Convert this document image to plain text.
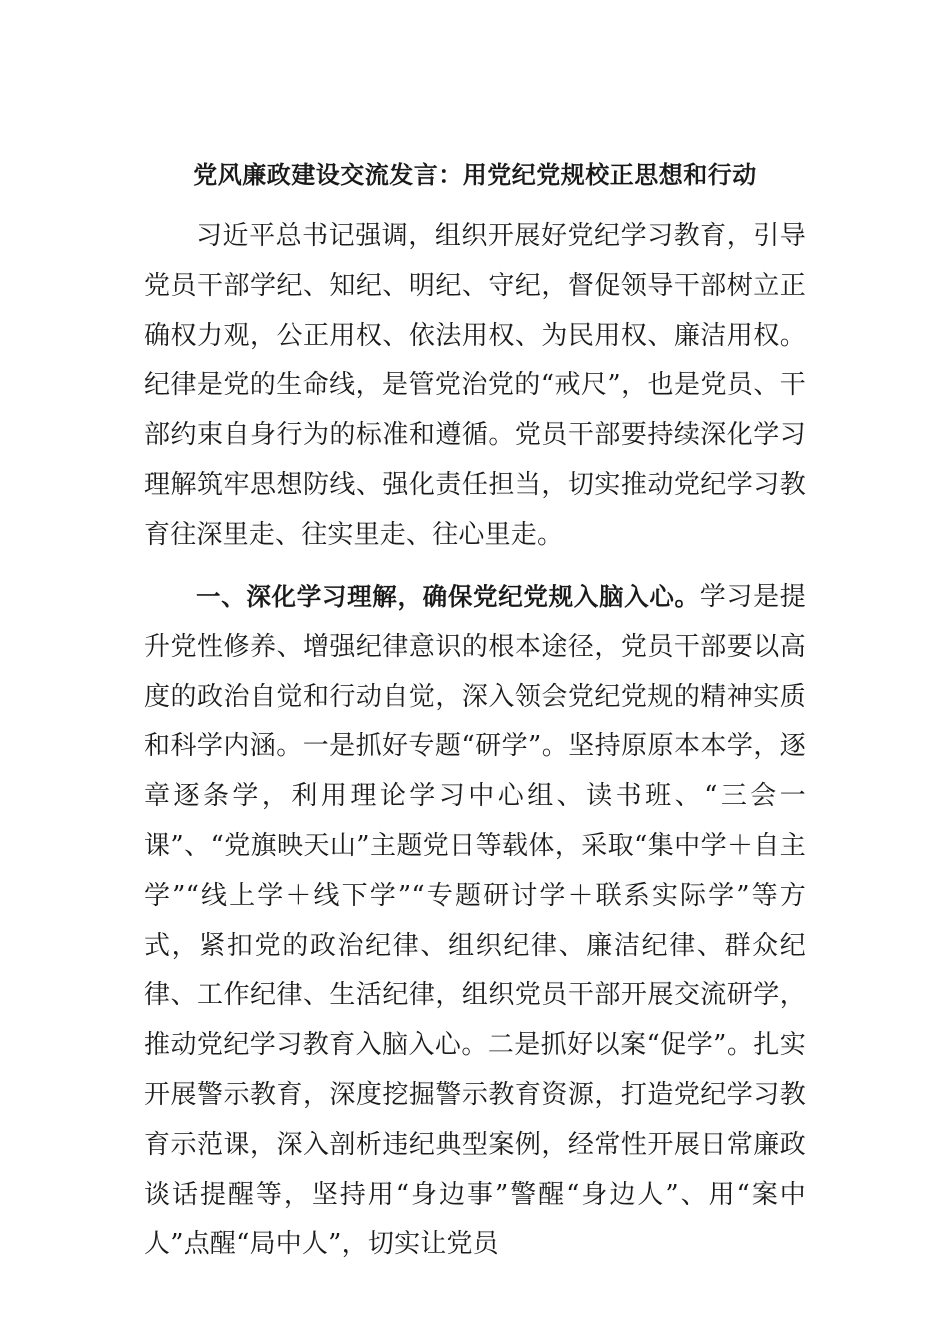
党风廉政建设交流发言：用党纪党规校正思想和行动

习近平总书记强调，组织开展好党纪学习教育，引导党员干部学纪、知纪、明纪、守纪，督促领导干部树立正确权力观，公正用权、依法用权、为民用权、廉洁用权。纪律是党的生命线，是管党治党的“戒尺”，也是党员、干部约束自身行为的标准和遵循。党员干部要持续深化学习理解筑牢思想防线、强化责任担当，切实推动党纪学习教育往深里走、往实里走、往心里走。

一、深化学习理解，确保党纪党规入脑入心。学习是提升党性修养、增强纪律意识的根本途径，党员干部要以高度的政治自觉和行动自觉，深入领会党纪党规的精神实质和科学内涵。一是抓好专题“研学”。坚持原原本本学，逐章逐条学，利用理论学习中心组、读书班、“三会一课”、“党旗映天山”主题党日等载体，采取“集中学＋自主学”“线上学＋线下学”“专题研讨学＋联系实际学”等方式，紧扣党的政治纪律、组织纪律、廉洁纪律、群众纪律、工作纪律、生活纪律，组织党员干部开展交流研学，推动党纪学习教育入脑入心。二是抓好以案“促学”。扎实开展警示教育，深度挖掘警示教育资源，打造党纪学习教育示范课，深入剖析违纪典型案例，经常性开展日常廉政谈话提醒等，坚持用“身边事”警醒“身边人”、用“案中人”点醒“局中人”，切实让党员
